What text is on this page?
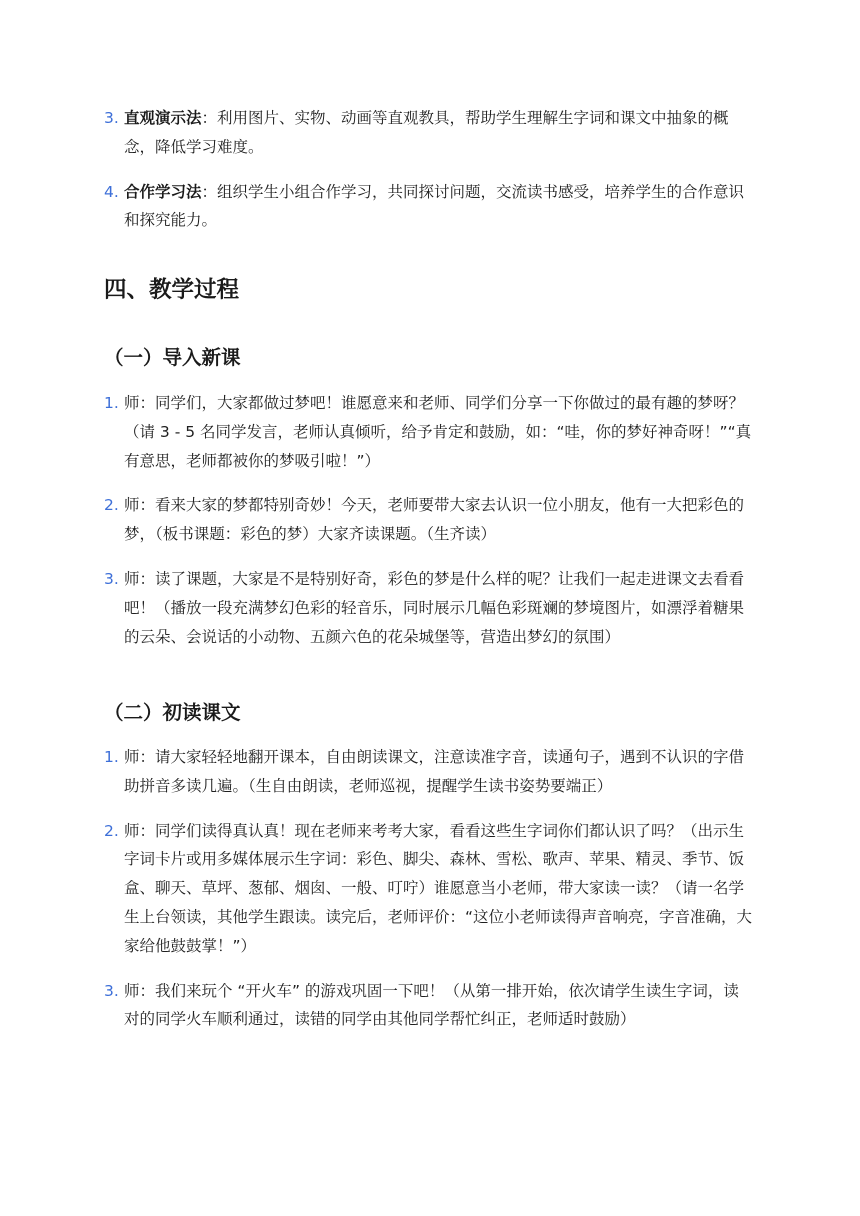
3. 直观演示法：利用图片、实物、动画等直观教具，帮助学生理解生字词和课文中抽象的概念，降低学习难度。
4. 合作学习法：组织学生小组合作学习，共同探讨问题，交流读书感受，培养学生的合作意识和探究能力。
四、教学过程
（一）导入新课
1. 师：同学们，大家都做过梦吧！谁愿意来和老师、同学们分享一下你做过的最有趣的梦呀？（请 3 - 5 名同学发言，老师认真倾听，给予肯定和鼓励，如：“哇，你的梦好神奇呀！”“真有意思，老师都被你的梦吸引啦！”）
2. 师：看来大家的梦都特别奇妙！今天，老师要带大家去认识一位小朋友，他有一大把彩色的梦，（板书课题：彩色的梦）大家齐读课题。（生齐读）
3. 师：读了课题，大家是不是特别好奇，彩色的梦是什么样的呢？让我们一起走进课文去看看吧！（播放一段充满梦幻色彩的轻音乐，同时展示几幅色彩斑斓的梦境图片，如漂浮着糖果的云朵、会说话的小动物、五颜六色的花朵城堡等，营造出梦幻的氛围）
（二）初读课文
1. 师：请大家轻轻地翻开课本，自由朗读课文，注意读准字音，读通句子，遇到不认识的字借助拼音多读几遍。（生自由朗读，老师巡视，提醒学生读书姿势要端正）
2. 师：同学们读得真认真！现在老师来考考大家，看看这些生字词你们都认识了吗？（出示生字词卡片或用多媒体展示生字词：彩色、脚尖、森林、雪松、歌声、苹果、精灵、季节、饭盒、聊天、草坪、葱郁、烟囱、一般、叮咛）谁愿意当小老师，带大家读一读？（请一名学生上台领读，其他学生跟读。读完后，老师评价：“这位小老师读得声音响亮，字音准确，大家给他鼓鼓掌！”）
3. 师：我们来玩个 “开火车” 的游戏巩固一下吧！（从第一排开始，依次请学生读生字词，读对的同学火车顺利通过，读错的同学由其他同学帮忙纠正，老师适时鼓励）
